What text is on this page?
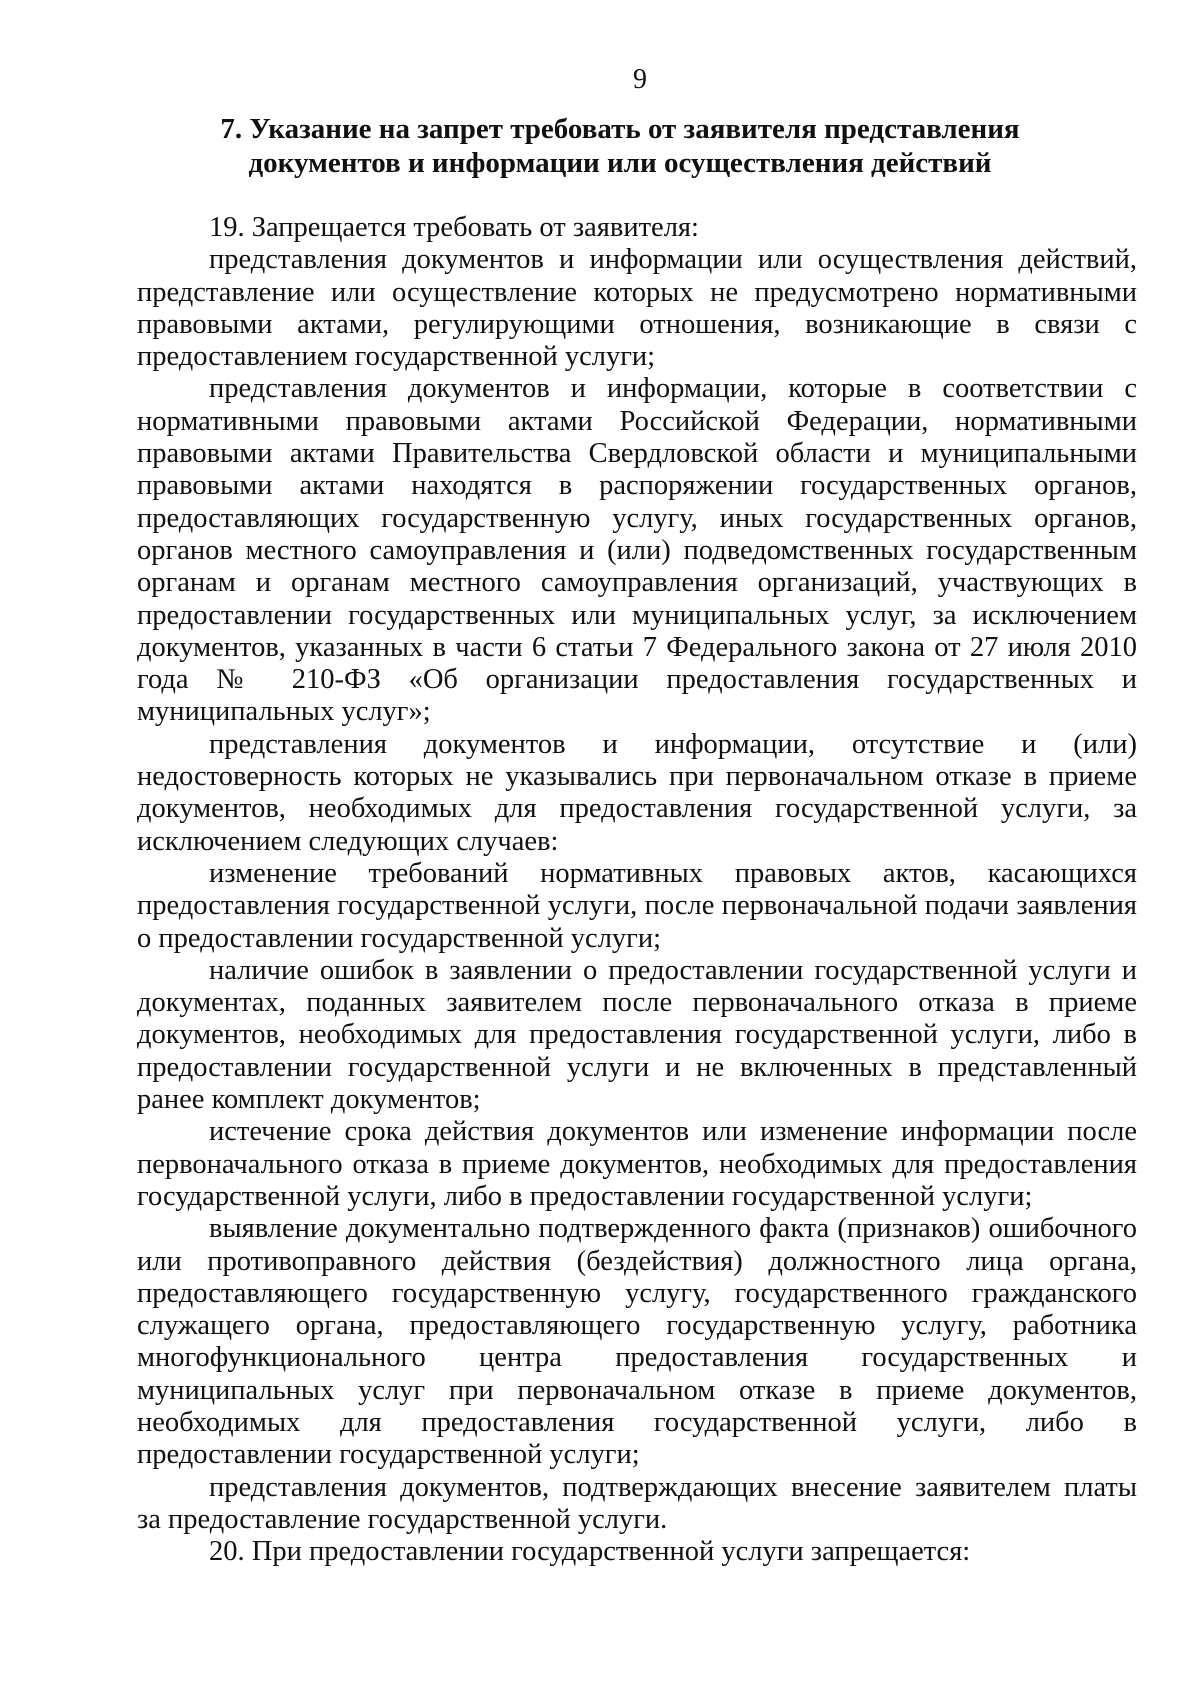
9
7. Указание на запрет требовать от заявителя представления
документов и информации или осуществления действий

19. Запрещается требовать от заявителя:

представления документов и информации или осуществления действий, представление или осуществление которых не предусмотрено нормативными правовыми актами, регулирующими отношения, возникающие в связи с предоставлением государственной услуги;

представления документов и информации, которые в соответствии с нормативными правовыми актами Российской Федерации, нормативными правовыми актами Правительства Свердловской области и муниципальными правовыми актами находятся в распоряжении государственных органов, предоставляющих государственную услугу, иных государственных органов, органов местного самоуправления и (или) подведомственных государственным органам и органам местного самоуправления организаций, участвующих в предоставлении государственных или муниципальных услуг, за исключением документов, указанных в части 6 статьи 7 Федерального закона от 27 июля 2010 года № 210-ФЗ «Об организации предоставления государственных и муниципальных услуг»;

представления документов и информации, отсутствие и (или) недостоверность которых не указывались при первоначальном отказе в приеме документов, необходимых для предоставления государственной услуги, за исключением следующих случаев:

изменение требований нормативных правовых актов, касающихся предоставления государственной услуги, после первоначальной подачи заявления о предоставлении государственной услуги;

наличие ошибок в заявлении о предоставлении государственной услуги и документах, поданных заявителем после первоначального отказа в приеме документов, необходимых для предоставления государственной услуги, либо в предоставлении государственной услуги и не включенных в представленный ранее комплект документов;

истечение срока действия документов или изменение информации после первоначального отказа в приеме документов, необходимых для предоставления государственной услуги, либо в предоставлении государственной услуги;

выявление документально подтвержденного факта (признаков) ошибочного или противоправного действия (бездействия) должностного лица органа, предоставляющего государственную услугу, государственного гражданского служащего органа, предоставляющего государственную услугу, работника многофункционального центра предоставления государственных и муниципальных услуг при первоначальном отказе в приеме документов, необходимых для предоставления государственной услуги, либо в предоставлении государственной услуги;

представления документов, подтверждающих внесение заявителем платы за предоставление государственной услуги.

20. При предоставлении государственной услуги запрещается:
